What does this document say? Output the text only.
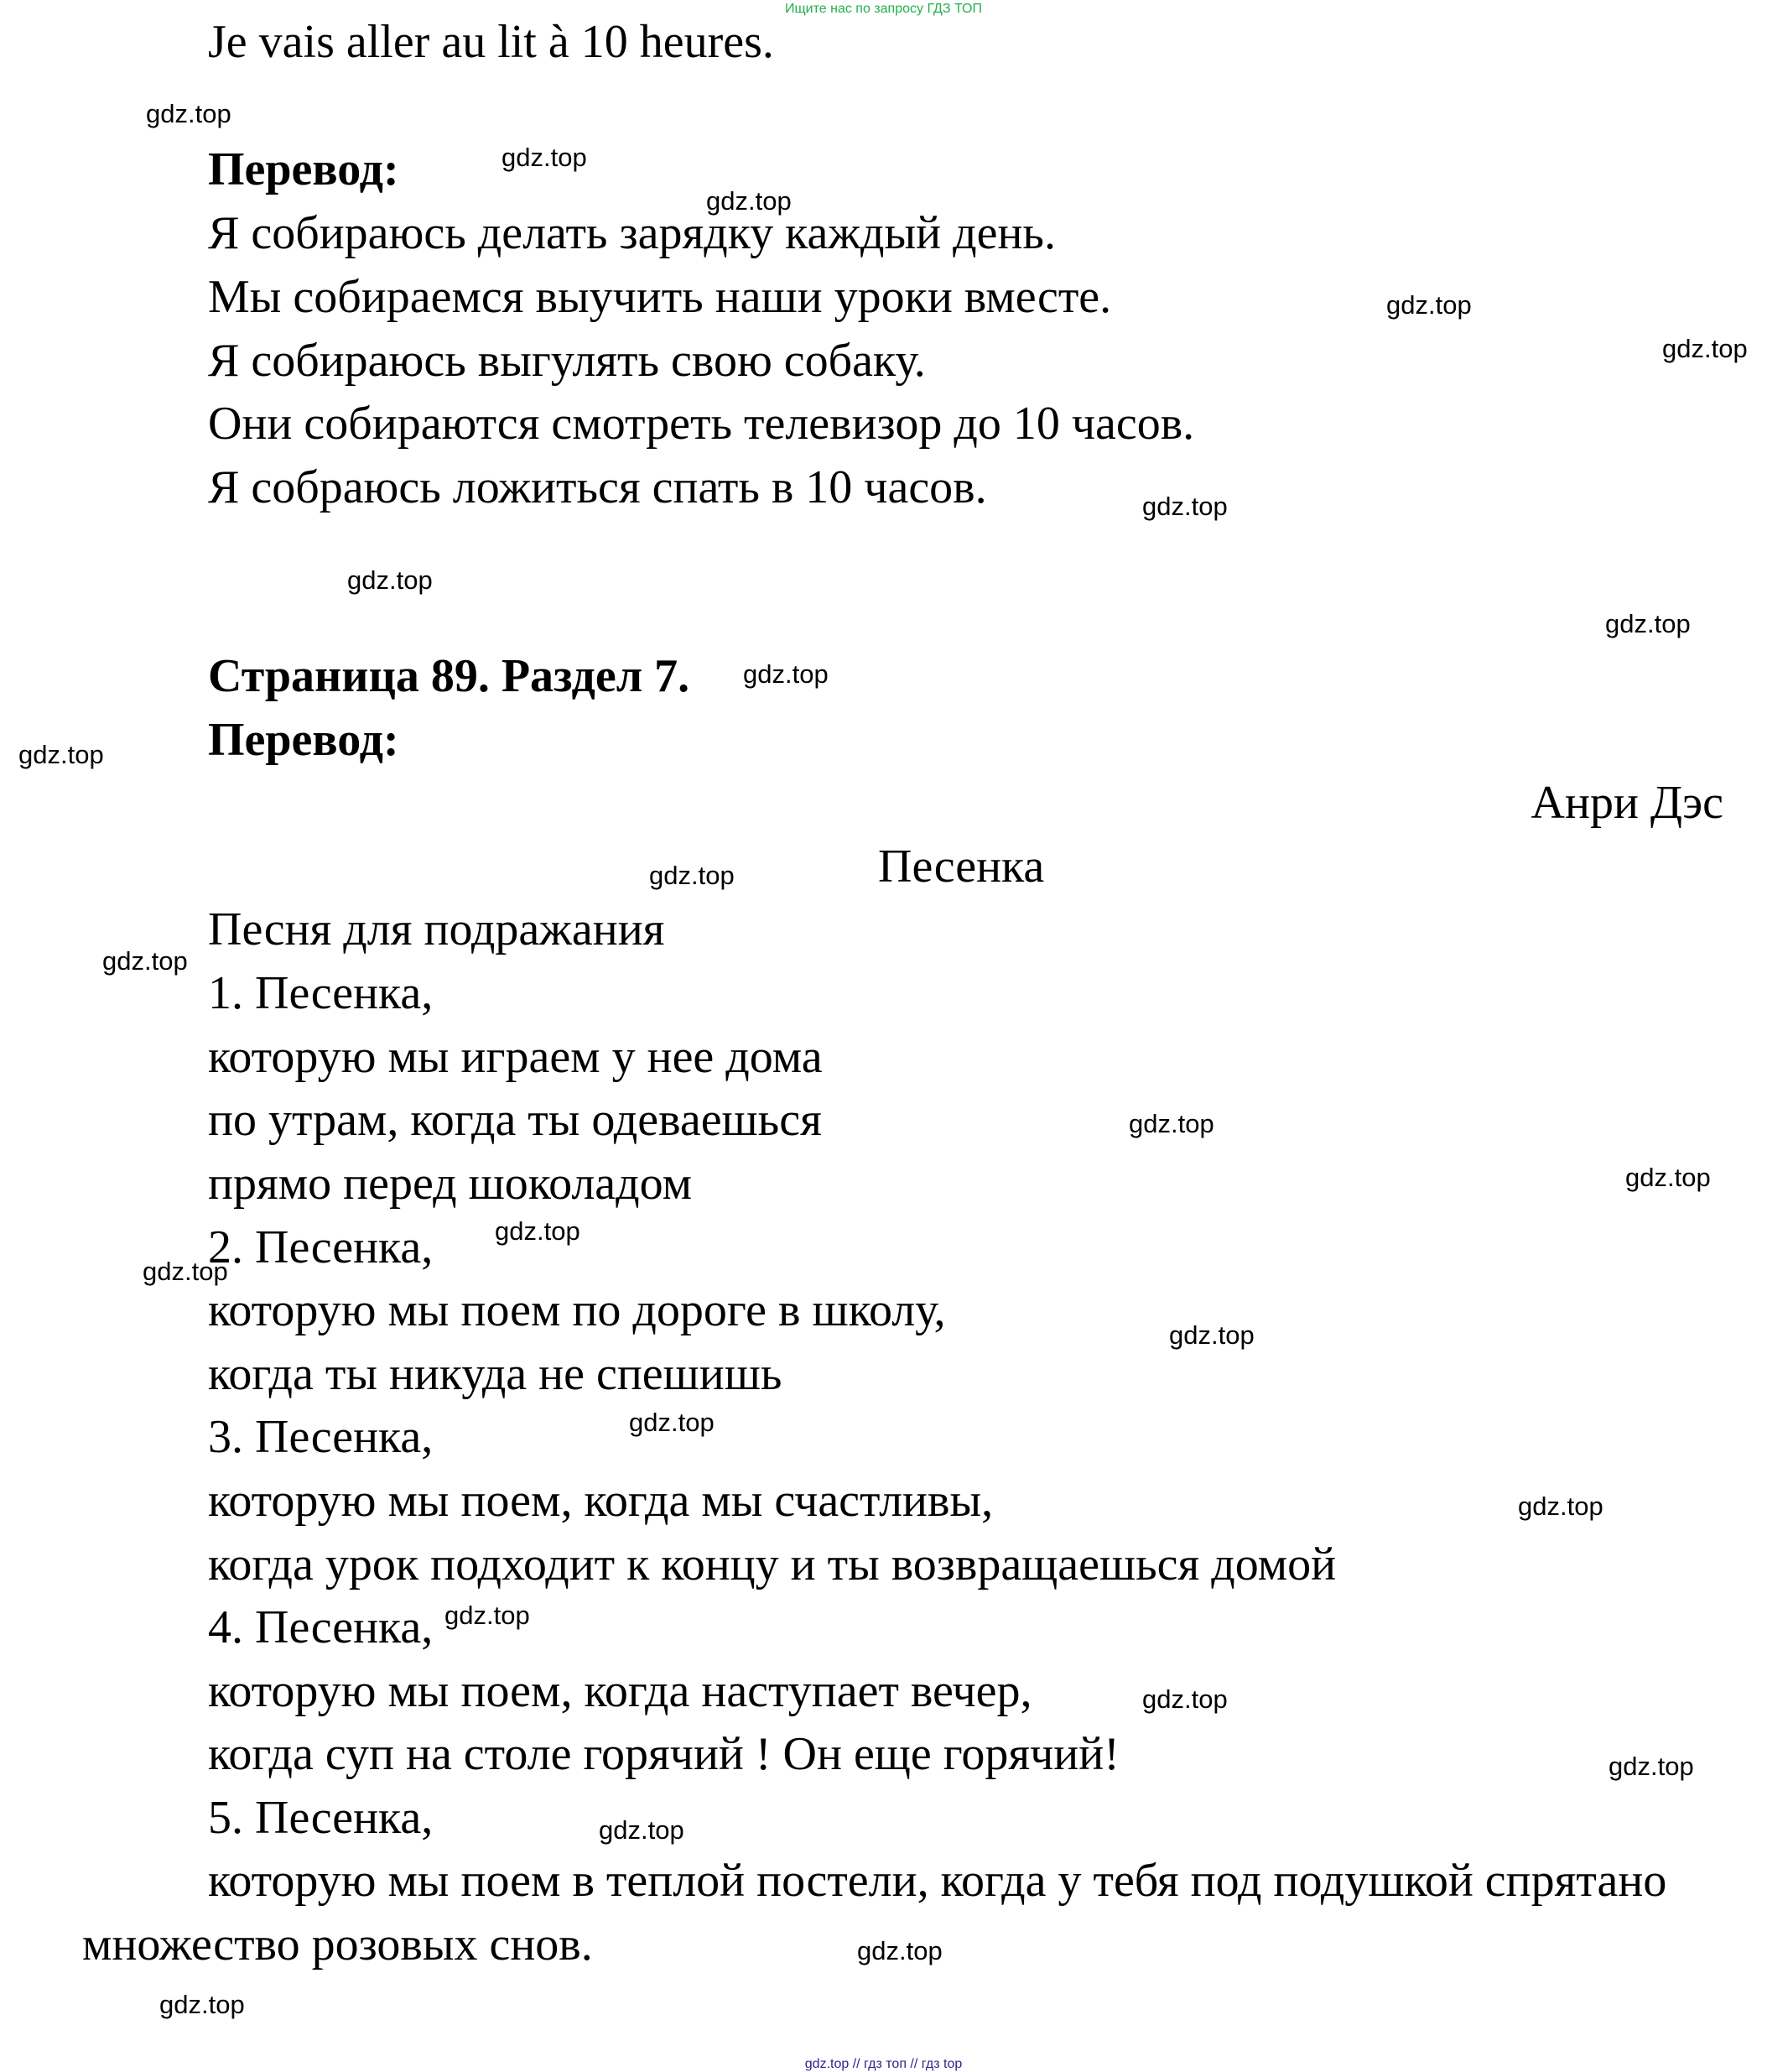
Ищите нас по запросу ГДЗ ТОП
Je vais aller au lit à 10 heures.
Перевод:
Я собираюсь делать зарядку каждый день.
Мы собираемся выучить наши уроки вместе.
Я собираюсь выгулять свою собаку.
Они собираются смотреть телевизор до 10 часов.
Я собраюсь ложиться спать в 10 часов.
Страница 89. Раздел 7.
Перевод:
Анри Дэс
Песенка
Песня для подражания
1. Песенка,
которую мы играем у нее дома
по утрам, когда ты одеваешься
прямо перед шоколадом
2. Песенка,
которую мы поем по дороге в школу,
когда ты никуда не спешишь
3. Песенка,
которую мы поем, когда мы счастливы,
когда урок подходит к концу и ты возвращаешься домой
4. Песенка,
которую мы поем, когда наступает вечер,
когда суп на столе горячий ! Он еще горячий!
5. Песенка,
которую мы поем в теплой постели, когда у тебя под подушкой спрятано
множество розовых снов.
gdz.top
gdz.top
gdz.top
gdz.top
gdz.top
gdz.top
gdz.top
gdz.top
gdz.top
gdz.top
gdz.top
gdz.top
gdz.top
gdz.top
gdz.top
gdz.top
gdz.top
gdz.top
gdz.top
gdz.top
gdz.top
gdz.top
gdz.top
gdz.top
gdz.top
gdz.top // гдз топ // гдз top
